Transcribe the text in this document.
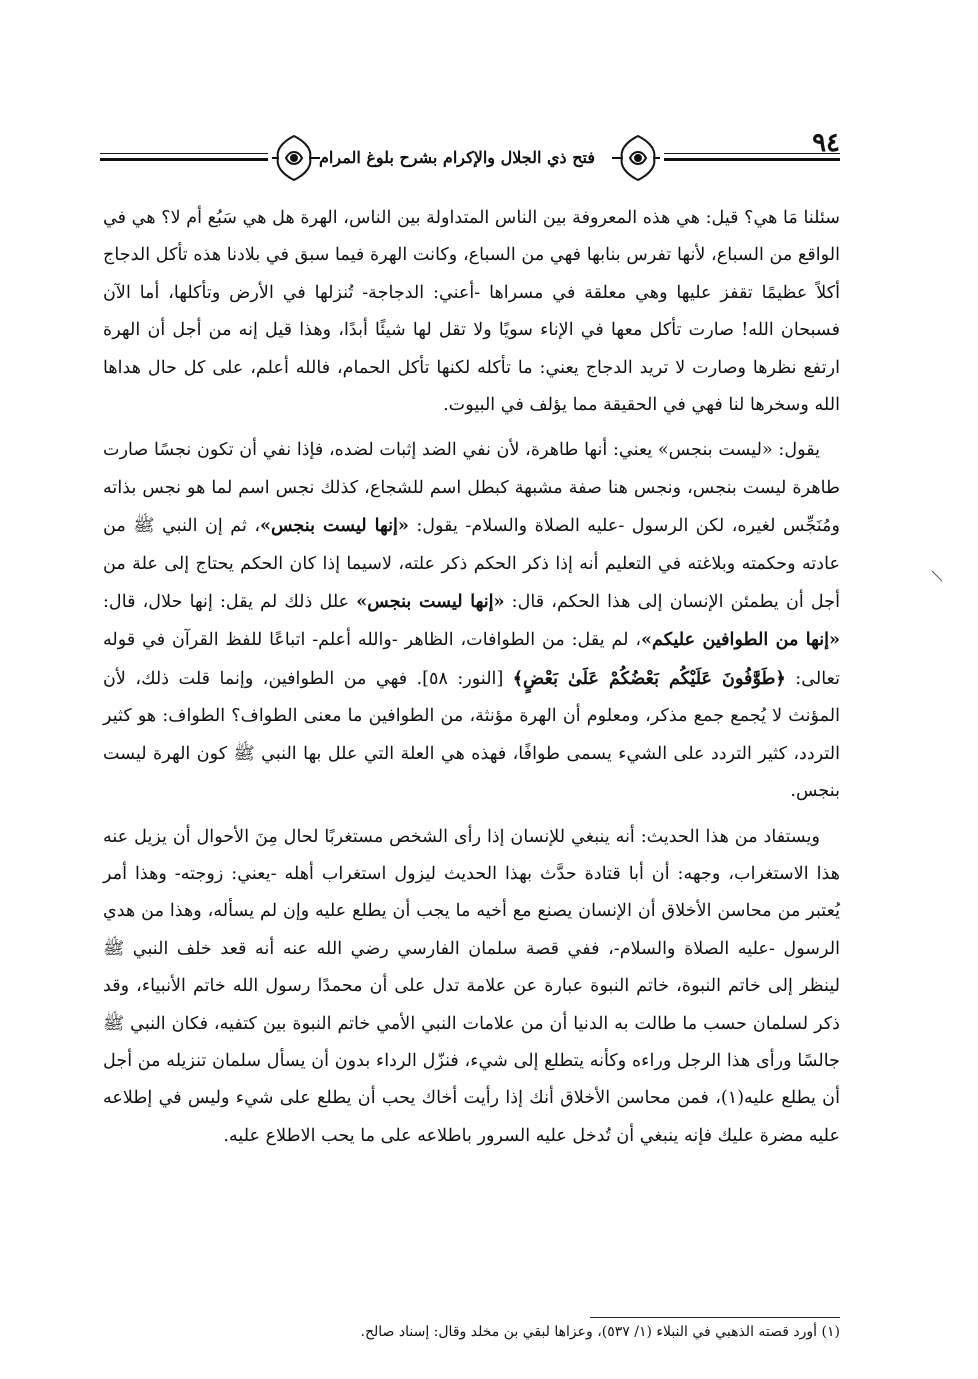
فتح ذي الجلال والإكرام بشرح بلوغ المرام	٩٤

سئلنا مَا هي؟ قيل: هي هذه المعروفة بين الناس المتداولة بين الناس، الهرة هل هي سَبُع أم لا؟ هي في الواقع من السباع، لأنها تفرس بنابها فهي من السباع، وكانت الهرة فيما سبق في بلادنا هذه تأكل الدجاج أكلاً عظيمًا تقفز عليها وهي معلقة في مسراها -أعني: الدجاجة- تُنزلها في الأرض وتأكلها، أما الآن فسبحان الله! صارت تأكل معها في الإناء سويًا ولا تقل لها شيئًا أبدًا، وهذا قيل إنه من أجل أن الهرة ارتفع نظرها وصارت لا تريد الدجاج يعني: ما تأكله لكنها تأكل الحمام، فالله أعلم، على كل حال هداها الله وسخرها لنا فهي في الحقيقة مما يؤلف في البيوت.

يقول: «ليست بنجس» يعني: أنها طاهرة، لأن نفي الضد إثبات لضده، فإذا نفي أن تكون نجسًا صارت طاهرة ليست بنجس، ونجس هنا صفة مشبهة كبطل اسم للشجاع، كذلك نجس اسم لما هو نجس بذاته ومُنَجِّس لغيره، لكن الرسول -عليه الصلاة والسلام- يقول: «إنها ليست بنجس»، ثم إن النبي ﷺ من عادته وحكمته وبلاغته في التعليم أنه إذا ذكر الحكم ذكر علته، لاسيما إذا كان الحكم يحتاج إلى علة من أجل أن يطمئن الإنسان إلى هذا الحكم، قال: «إنها ليست بنجس» علل ذلك لم يقل: إنها حلال، قال: «إنها من الطوافين عليكم»، لم يقل: من الطوافات، الظاهر -والله أعلم- اتباعًا للفظ القرآن في قوله تعالى: ﴿طَوَّٰفُونَ عَلَيْكُم بَعْضُكُمْ عَلَىٰ بَعْضٍ﴾ [النور: ٥٨]. فهي من الطوافين، وإنما قلت ذلك، لأن المؤنث لا يُجمع جمع مذكر، ومعلوم أن الهرة مؤنثة، من الطوافين ما معنى الطواف؟ الطواف: هو كثير التردد، كثير التردد على الشيء يسمى طوافًا، فهذه هي العلة التي علل بها النبي ﷺ كون الهرة ليست بنجس.

ويستفاد من هذا الحديث: أنه ينبغي للإنسان إذا رأى الشخص مستغربًا لحال مِنَ الأحوال أن يزيل عنه هذا الاستغراب، وجهه: أن أبا قتادة حدَّث بهذا الحديث ليزول استغراب أهله -يعني: زوجته- وهذا أمر يُعتبر من محاسن الأخلاق أن الإنسان يصنع مع أخيه ما يجب أن يطلع عليه وإن لم يسأله، وهذا من هدي الرسول -عليه الصلاة والسلام-، ففي قصة سلمان الفارسي رضي الله عنه أنه قعد خلف النبي ﷺ لينظر إلى خاتم النبوة، خاتم النبوة عبارة عن علامة تدل على أن محمدًا رسول الله خاتم الأنبياء، وقد ذكر لسلمان حسب ما طالت به الدنيا أن من علامات النبي الأمي خاتم النبوة بين كتفيه، فكان النبي ﷺ جالسًا ورأى هذا الرجل وراءه وكأنه يتطلع إلى شيء، فنزّل الرداء بدون أن يسأل سلمان تنزيله من أجل أن يطلع عليه(١)، فمن محاسن الأخلاق أنك إذا رأيت أخاك يحب أن يطلع على شيء وليس في إطلاعه عليه مضرة عليك فإنه ينبغي أن تُدخل عليه السرور باطلاعه على ما يحب الاطلاع عليه.

(١) أورد قصته الذهبي في النبلاء (١/ ٥٣٧)، وعزاها لبقي بن مخلد وقال: إسناد صالح.
